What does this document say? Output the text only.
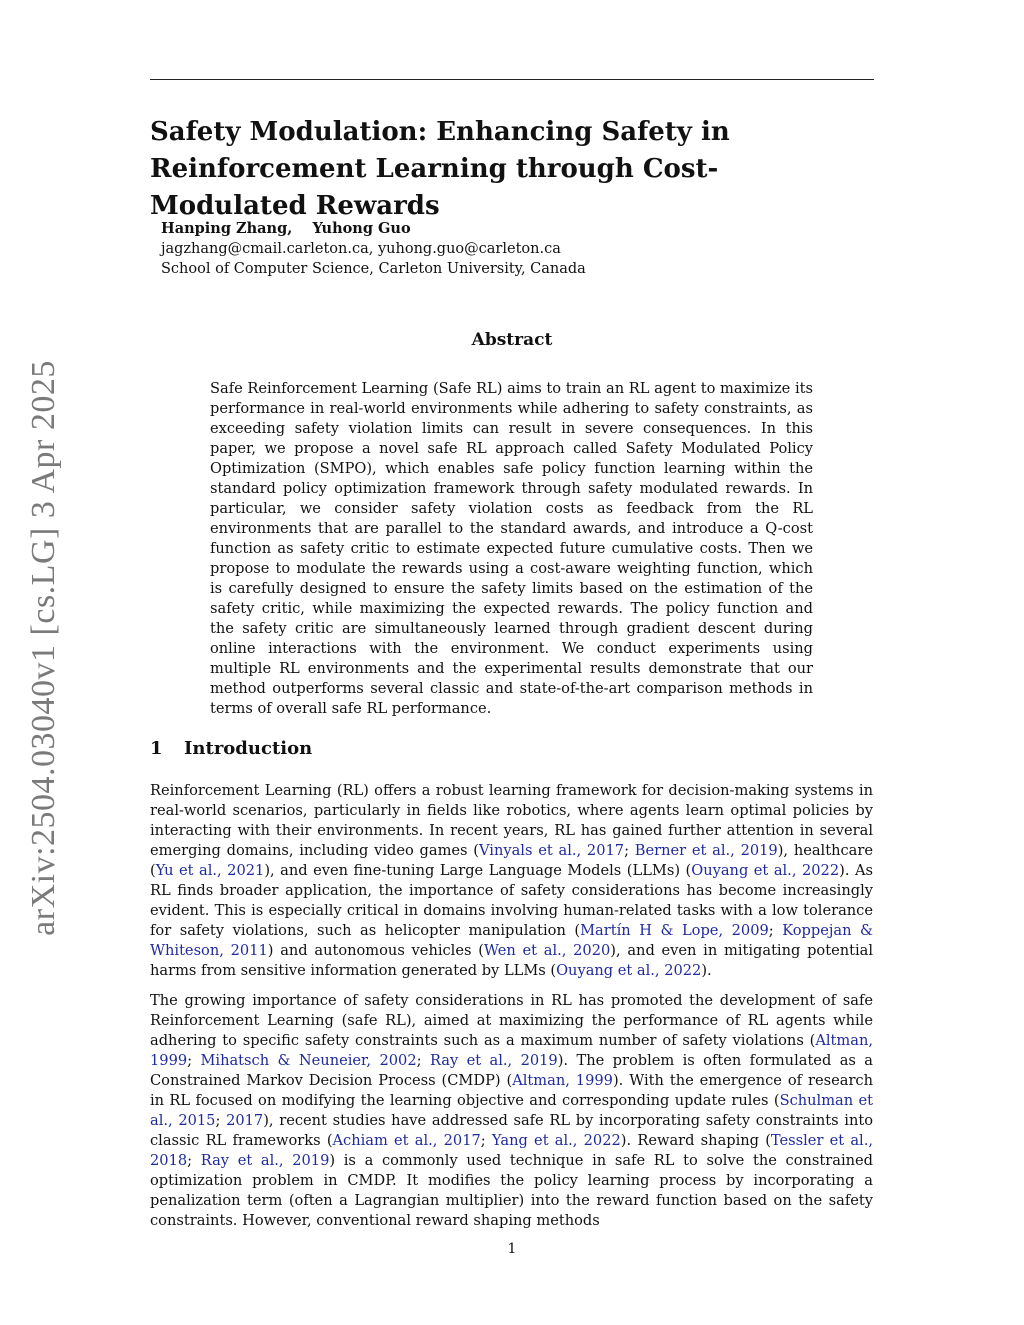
arXiv:2504.03040v1 [cs.LG] 3 Apr 2025
Safety Modulation: Enhancing Safety in Reinforcement Learning through Cost-Modulated Rewards
Hanping Zhang,    Yuhong Guo
jagzhang@cmail.carleton.ca, yuhong.guo@carleton.ca
School of Computer Science, Carleton University, Canada
Abstract

Safe Reinforcement Learning (Safe RL) aims to train an RL agent to maximize its performance in real-world environments while adhering to safety constraints, as exceeding safety violation limits can result in severe consequences. In this paper, we propose a novel safe RL approach called Safety Modulated Policy Optimization (SMPO), which enables safe policy function learning within the standard policy optimization framework through safety modulated rewards. In particular, we consider safety violation costs as feedback from the RL environments that are parallel to the standard awards, and introduce a Q-cost function as safety critic to estimate expected future cumulative costs. Then we propose to modulate the rewards using a cost-aware weighting function, which is carefully designed to ensure the safety limits based on the estimation of the safety critic, while maximizing the expected rewards. The policy function and the safety critic are simultaneously learned through gradient descent during online interactions with the environment. We conduct experiments using multiple RL environments and the experimental results demonstrate that our method outperforms several classic and state-of-the-art comparison methods in terms of overall safe RL performance.

1 Introduction

Reinforcement Learning (RL) offers a robust learning framework for decision-making systems in real-world scenarios, particularly in fields like robotics, where agents learn optimal policies by interacting with their environments. In recent years, RL has gained further attention in several emerging domains, including video games (Vinyals et al., 2017; Berner et al., 2019), healthcare (Yu et al., 2021), and even fine-tuning Large Language Models (LLMs) (Ouyang et al., 2022). As RL finds broader application, the importance of safety considerations has become increasingly evident. This is especially critical in domains involving human-related tasks with a low tolerance for safety violations, such as helicopter manipulation (Martín H & Lope, 2009; Koppejan & Whiteson, 2011) and autonomous vehicles (Wen et al., 2020), and even in mitigating potential harms from sensitive information generated by LLMs (Ouyang et al., 2022).

The growing importance of safety considerations in RL has promoted the development of safe Reinforcement Learning (safe RL), aimed at maximizing the performance of RL agents while adhering to specific safety constraints such as a maximum number of safety violations (Altman, 1999; Mihatsch & Neuneier, 2002; Ray et al., 2019). The problem is often formulated as a Constrained Markov Decision Process (CMDP) (Altman, 1999). With the emergence of research in RL focused on modifying the learning objective and corresponding update rules (Schulman et al., 2015; 2017), recent studies have addressed safe RL by incorporating safety constraints into classic RL frameworks (Achiam et al., 2017; Yang et al., 2022). Reward shaping (Tessler et al., 2018; Ray et al., 2019) is a commonly used technique in safe RL to solve the constrained optimization problem in CMDP. It modifies the policy learning process by incorporating a penalization term (often a Lagrangian multiplier) into the reward function based on the safety constraints. However, conventional reward shaping methods

1
